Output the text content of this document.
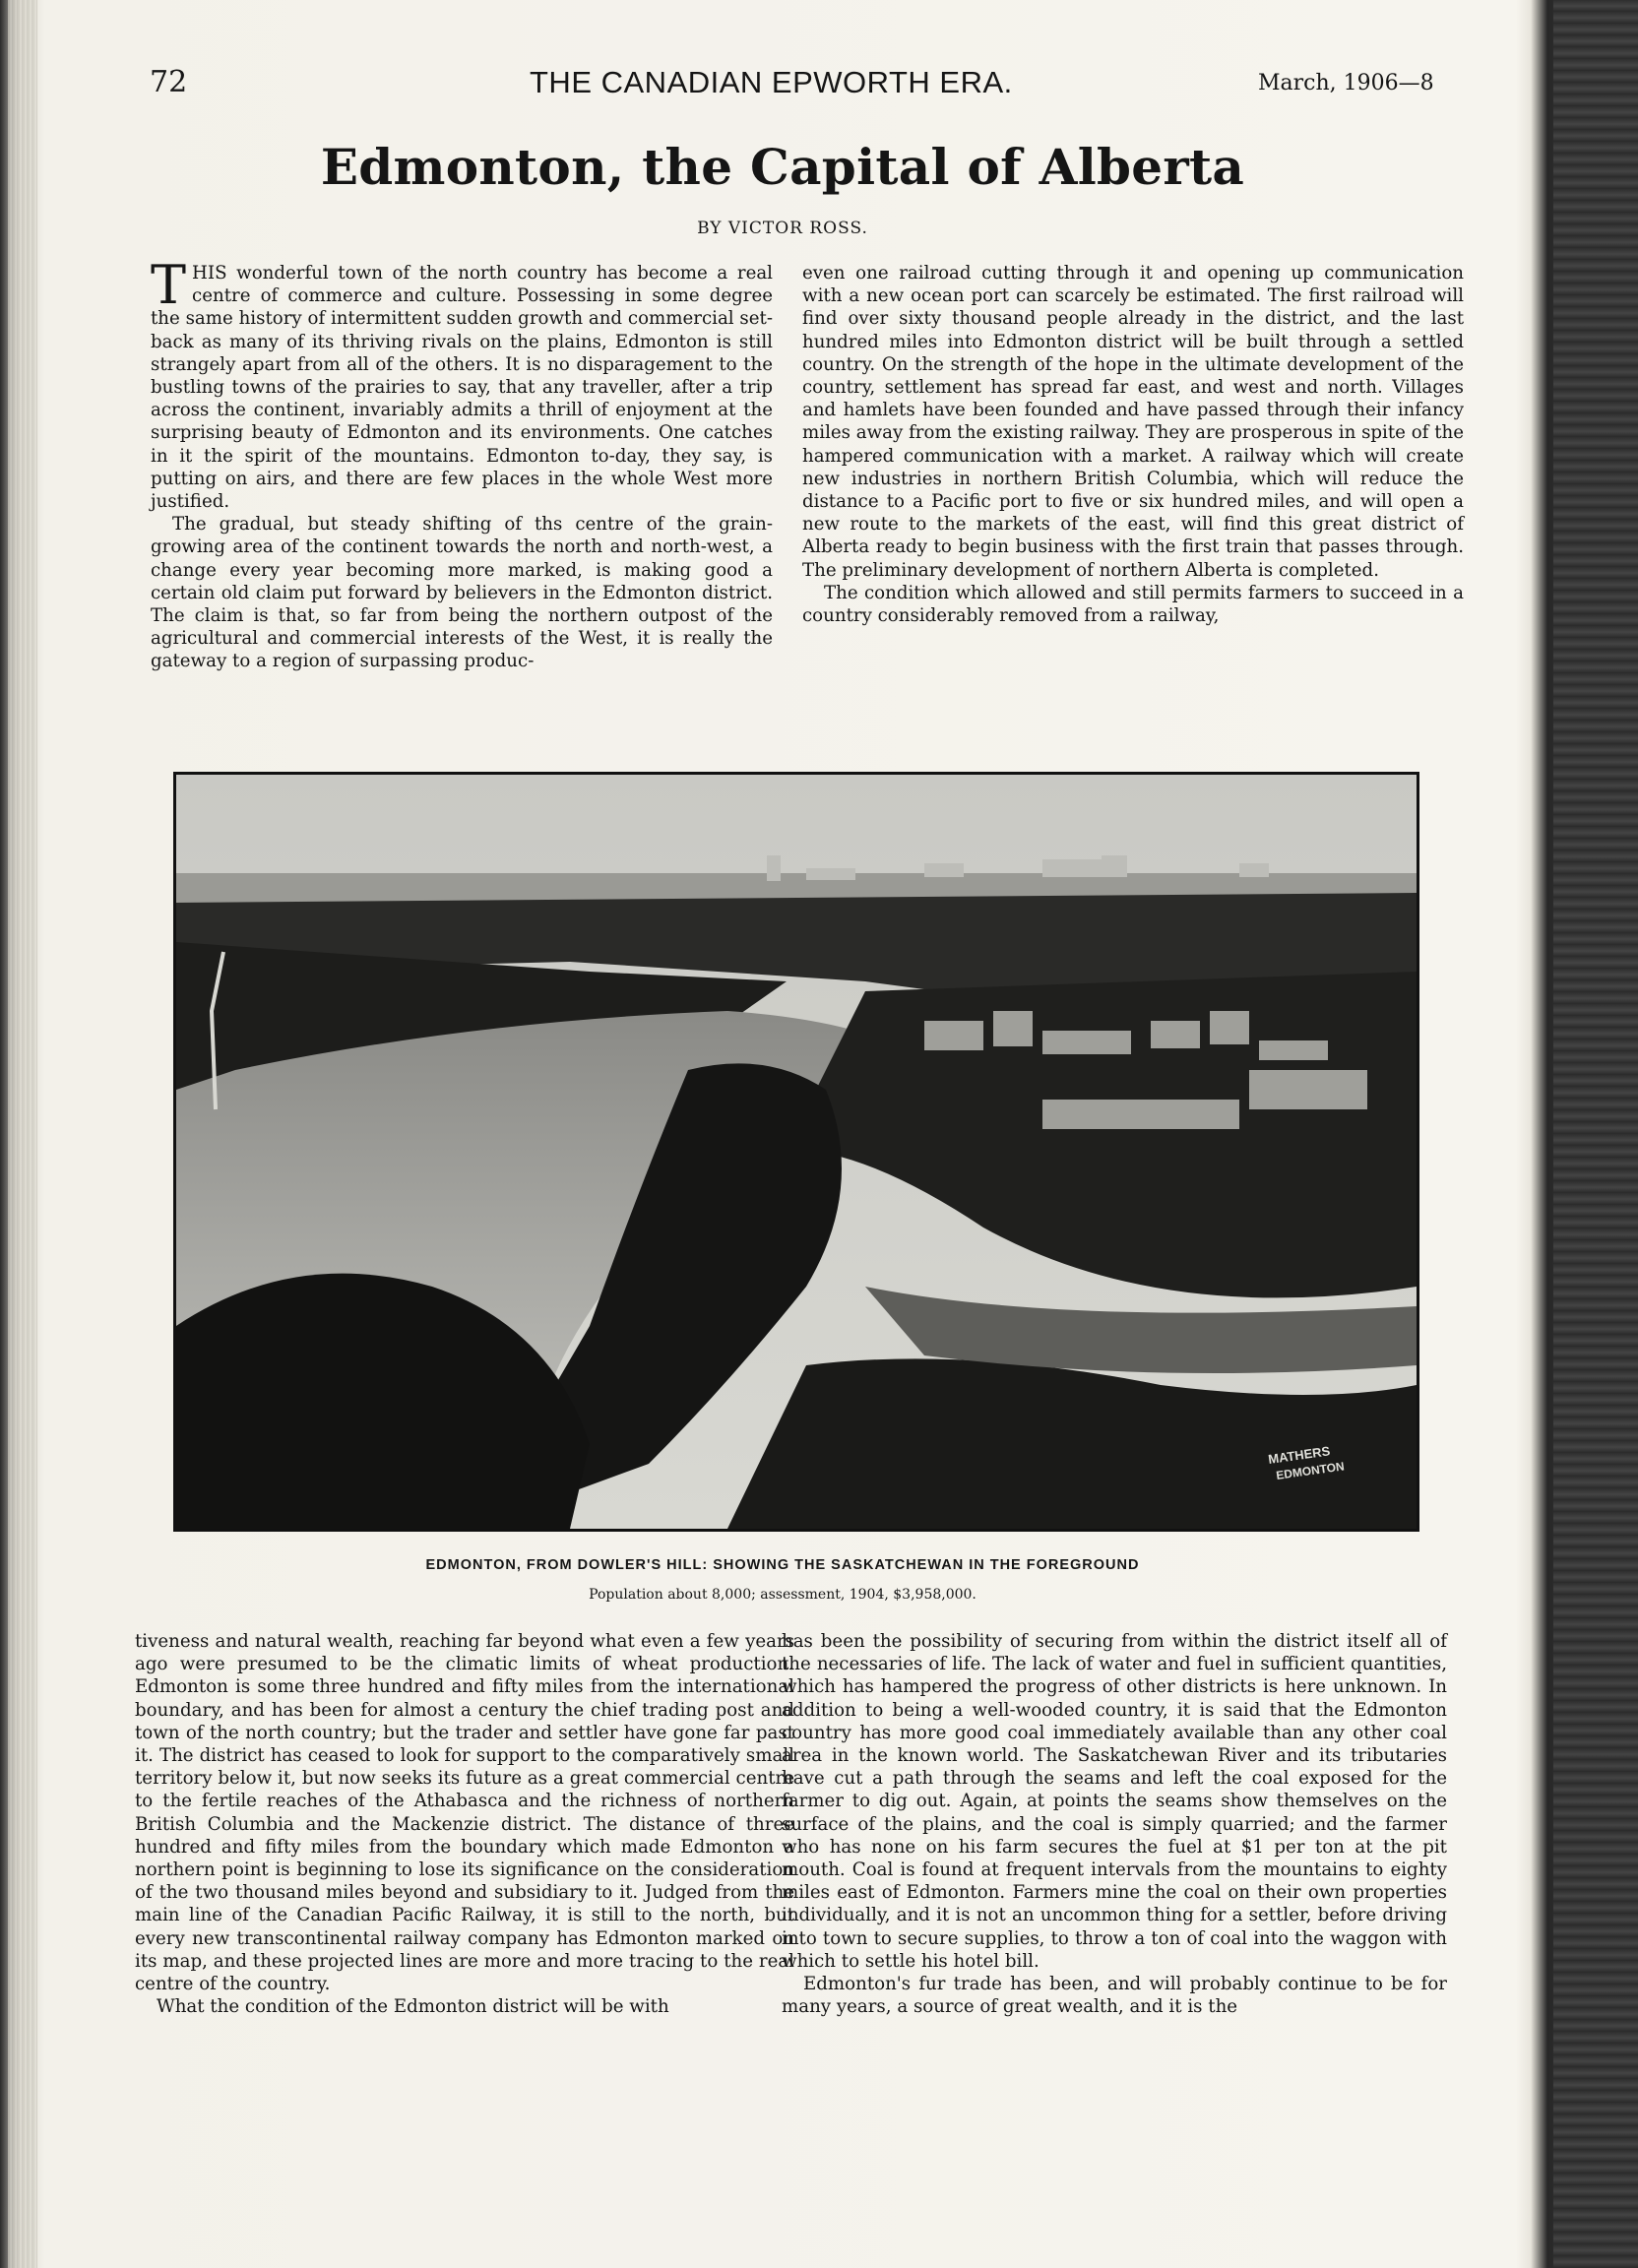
72	THE CANADIAN EPWORTH ERA.	March, 1906—8
Edmonton, the Capital of Alberta
BY VICTOR ROSS.

THIS wonderful town of the north country has become a real centre of commerce and culture. Possessing in some degree the same history of intermittent sudden growth and commercial set-back as many of its thriving rivals on the plains, Edmonton is still strangely apart from all of the others. It is no disparagement to the bustling towns of the prairies to say, that any traveller, after a trip across the continent, invariably admits a thrill of enjoyment at the surprising beauty of Edmonton and its environments. One catches in it the spirit of the mountains. Edmonton to-day, they say, is putting on airs, and there are few places in the whole West more justified.

The gradual, but steady shifting of ths centre of the grain-growing area of the continent towards the north and north-west, a change every year becoming more marked, is making good a certain old claim put forward by believers in the Edmonton district. The claim is that, so far from being the northern outpost of the agricultural and commercial interests of the West, it is really the gateway to a region of surpassing produc-

even one railroad cutting through it and opening up communication with a new ocean port can scarcely be estimated. The first railroad will find over sixty thousand people already in the district, and the last hundred miles into Edmonton district will be built through a settled country. On the strength of the hope in the ultimate development of the country, settlement has spread far east, and west and north. Villages and hamlets have been founded and have passed through their infancy miles away from the existing railway. They are prosperous in spite of the hampered communication with a market. A railway which will create new industries in northern British Columbia, which will reduce the distance to a Pacific port to five or six hundred miles, and will open a new route to the markets of the east, will find this great district of Alberta ready to begin business with the first train that passes through. The preliminary development of northern Alberta is completed.

The condition which allowed and still permits farmers to succeed in a country considerably removed from a railway,

MATHERS
EDMONTON
EDMONTON, FROM DOWLER'S HILL: SHOWING THE SASKATCHEWAN IN THE FOREGROUND
Population about 8,000; assessment, 1904, $3,958,000.

tiveness and natural wealth, reaching far beyond what even a few years ago were presumed to be the climatic limits of wheat production. Edmonton is some three hundred and fifty miles from the international boundary, and has been for almost a century the chief trading post and town of the north country; but the trader and settler have gone far past it. The district has ceased to look for support to the comparatively small territory below it, but now seeks its future as a great commercial centre to the fertile reaches of the Athabasca and the richness of northern British Columbia and the Mackenzie district. The distance of three hundred and fifty miles from the boundary which made Edmonton a northern point is beginning to lose its significance on the consideration of the two thousand miles beyond and subsidiary to it. Judged from the main line of the Canadian Pacific Railway, it is still to the north, but every new transcontinental railway company has Edmonton marked on its map, and these projected lines are more and more tracing to the real centre of the country.

What the condition of the Edmonton district will be with

has been the possibility of securing from within the district itself all of the necessaries of life. The lack of water and fuel in sufficient quantities, which has hampered the progress of other districts is here unknown. In addition to being a well-wooded country, it is said that the Edmonton country has more good coal immediately available than any other coal area in the known world. The Saskatchewan River and its tributaries have cut a path through the seams and left the coal exposed for the farmer to dig out. Again, at points the seams show themselves on the surface of the plains, and the coal is simply quarried; and the farmer who has none on his farm secures the fuel at $1 per ton at the pit mouth. Coal is found at frequent intervals from the mountains to eighty miles east of Edmonton. Farmers mine the coal on their own properties individually, and it is not an uncommon thing for a settler, before driving into town to secure supplies, to throw a ton of coal into the waggon with which to settle his hotel bill.

Edmonton's fur trade has been, and will probably continue to be for many years, a source of great wealth, and it is the
